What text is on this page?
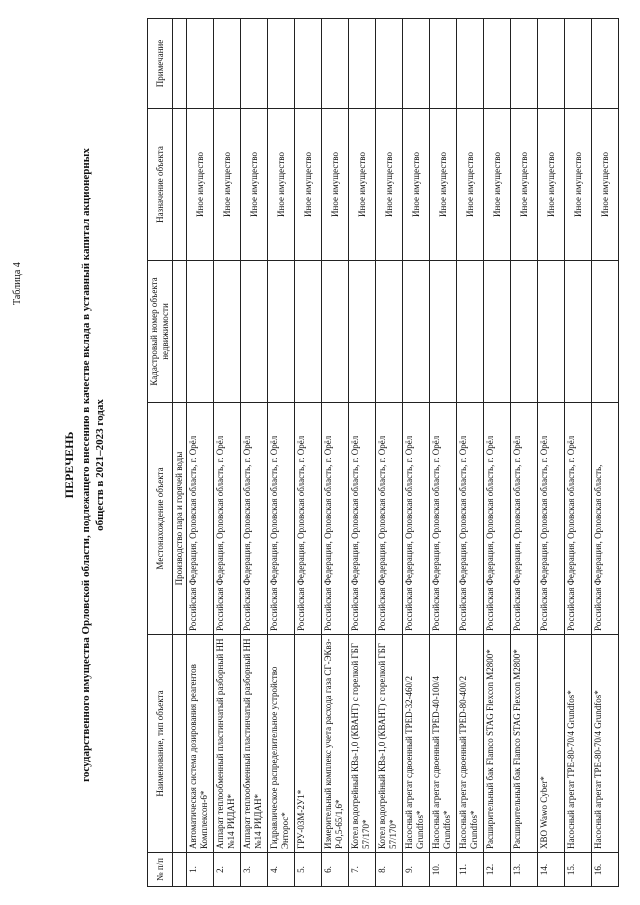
Таблица 4
ПЕРЕЧЕНЬ государственного имущества Орловской области, подлежащего внесению в качестве вклада в уставный капитал акционерных обществ в 2021–2023 годах
№ п/п	Наименование, тип объекта	Местонахождение объекта	Кадастровый номер объекта недвижимости	Назначение объекта	Примечание
		Производство пара и горячей воды			
1.	Автоматическая система дозирования реагентов Комплексон-6*	Российская Федерация, Орловская область, г. Орёл		Иное имущество	
2.	Аппарат теплообменный пластинчатый разборный НН №14 РИДАН*	Российская Федерация, Орловская область, г. Орёл		Иное имущество	
3.	Аппарат теплообменный пластинчатый разборный НН №14 РИДАН*	Российская Федерация, Орловская область, г. Орёл		Иное имущество	
4.	Гидравлическое распределительное устройство Энторос*	Российская Федерация, Орловская область, г. Орёл		Иное имущество	
5.	ГРУ-03М-2У1*	Российская Федерация, Орловская область, г. Орёл		Иное имущество	
6.	Измерительный комплекс учета расхода газа СГ-ЭКвз-Р-0,5-65/1,6*	Российская Федерация, Орловская область, г. Орёл		Иное имущество	
7.	Котел водогрейный КВа-1,0 (КВАНТ) с горелкой ГБГ 57/170*	Российская Федерация, Орловская область, г. Орёл		Иное имущество	
8.	Котел водогрейный КВа-1,0 (КВАНТ) с горелкой ГБГ 57/170*	Российская Федерация, Орловская область, г. Орёл		Иное имущество	
9.	Насосный агрегат сдвоенный ТРЕD-32-460/2 Grundfos*	Российская Федерация, Орловская область, г. Орёл		Иное имущество	
10.	Насосный агрегат сдвоенный ТРЕD-40-100/4 Grundfos*	Российская Федерация, Орловская область, г. Орёл		Иное имущество	
11.	Насосный агрегат сдвоенный ТРЕD-80-400/2 Grundfos*	Российская Федерация, Орловская область, г. Орёл		Иное имущество	
12.	Расширительный бак Flamco STAG Flexcon M2800*	Российская Федерация, Орловская область, г. Орёл		Иное имущество	
13.	Расширительный бак Flamco STAG Flexcon M2800*	Российская Федерация, Орловская область, г. Орёл		Иное имущество	
14.	ХВО Wawo Cyber*	Российская Федерация, Орловская область, г. Орёл		Иное имущество	
15.	Насосный агрегат ТРЕ-80-70/4 Grundfos*	Российская Федерация, Орловская область, г. Орёл		Иное имущество	
16.	Насосный агрегат ТРЕ-80-70/4 Grundfos*	Российская Федерация, Орловская область,		Иное имущество	
